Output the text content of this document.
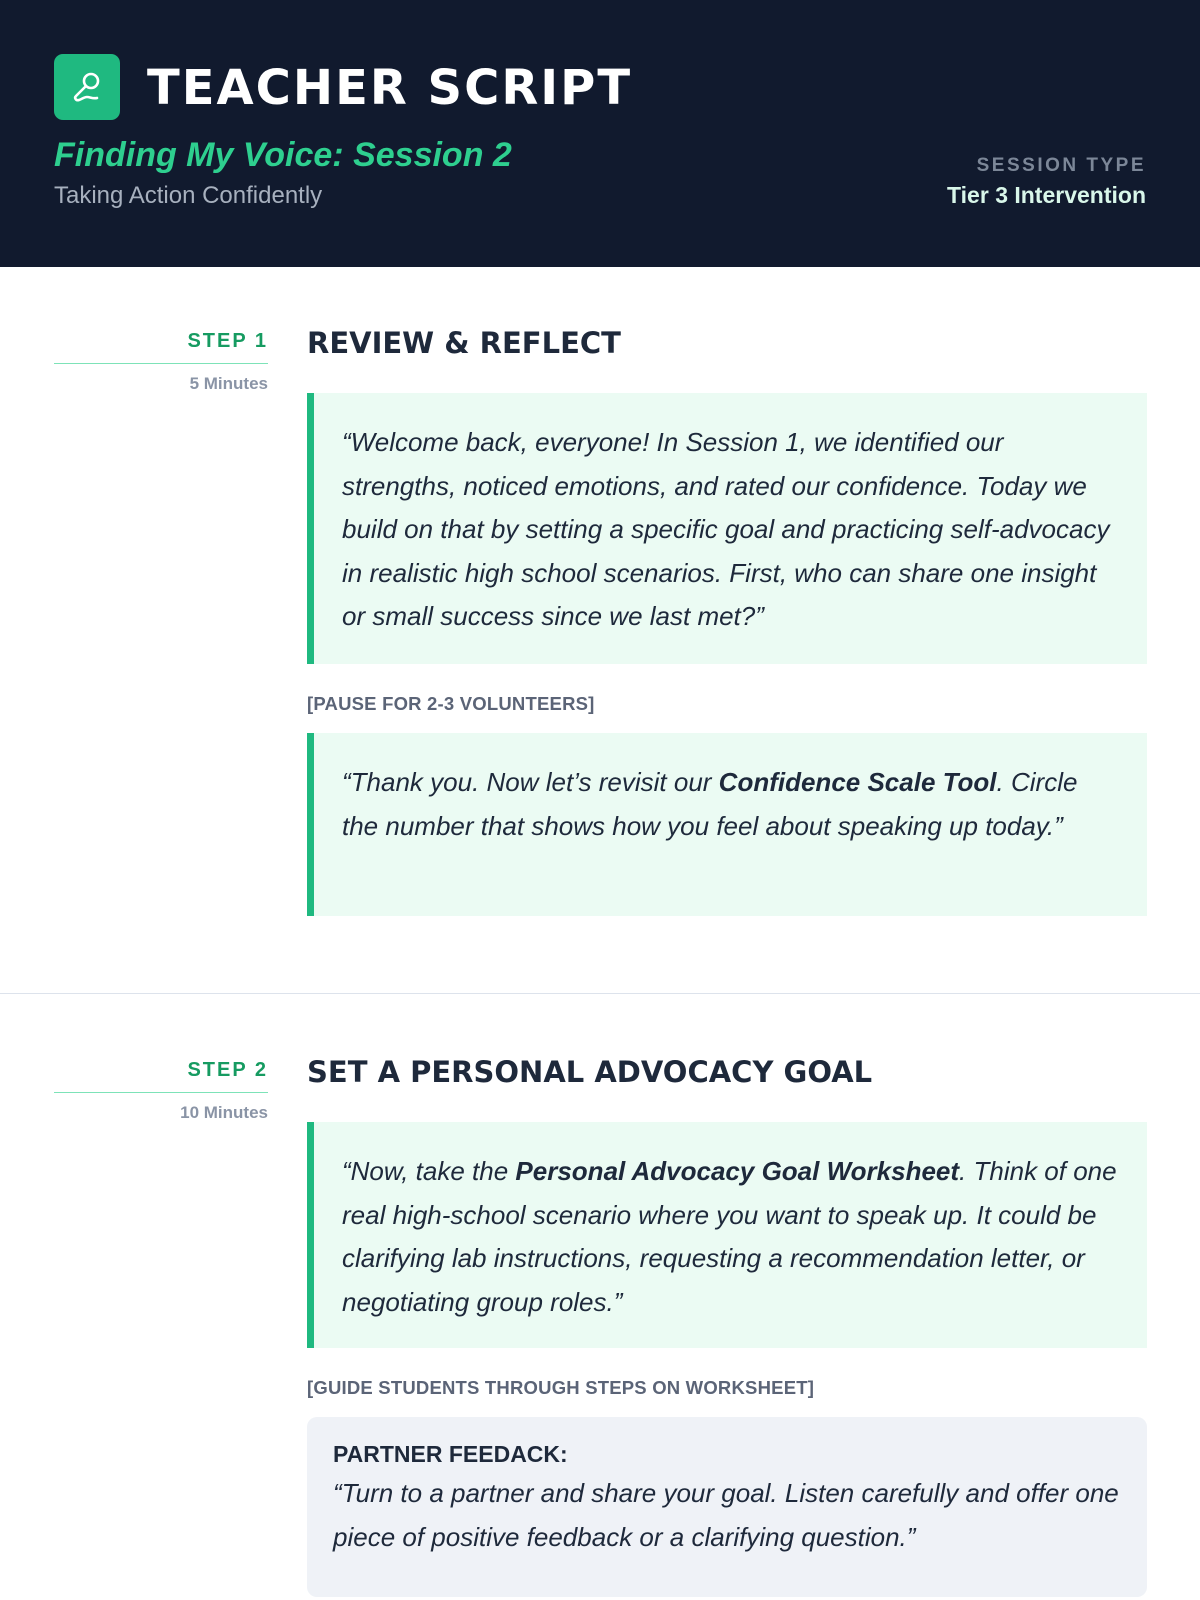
TEACHER SCRIPT
Finding My Voice: Session 2
Taking Action Confidently
SESSION TYPE
Tier 3 Intervention
STEP 1
5 Minutes
REVIEW & REFLECT
“Welcome back, everyone! In Session 1, we identified our strengths, noticed emotions, and rated our confidence. Today we build on that by setting a specific goal and practicing self-advocacy in realistic high school scenarios. First, who can share one insight or small success since we last met?”
[PAUSE FOR 2-3 VOLUNTEERS]
“Thank you. Now let’s revisit our Confidence Scale Tool. Circle the number that shows how you feel about speaking up today.”
STEP 2
10 Minutes
SET A PERSONAL ADVOCACY GOAL
“Now, take the Personal Advocacy Goal Worksheet. Think of one real high-school scenario where you want to speak up. It could be clarifying lab instructions, requesting a recommendation letter, or negotiating group roles.”
[GUIDE STUDENTS THROUGH STEPS ON WORKSHEET]
PARTNER FEEDACK:
“Turn to a partner and share your goal. Listen carefully and offer one piece of positive feedback or a clarifying question.”
